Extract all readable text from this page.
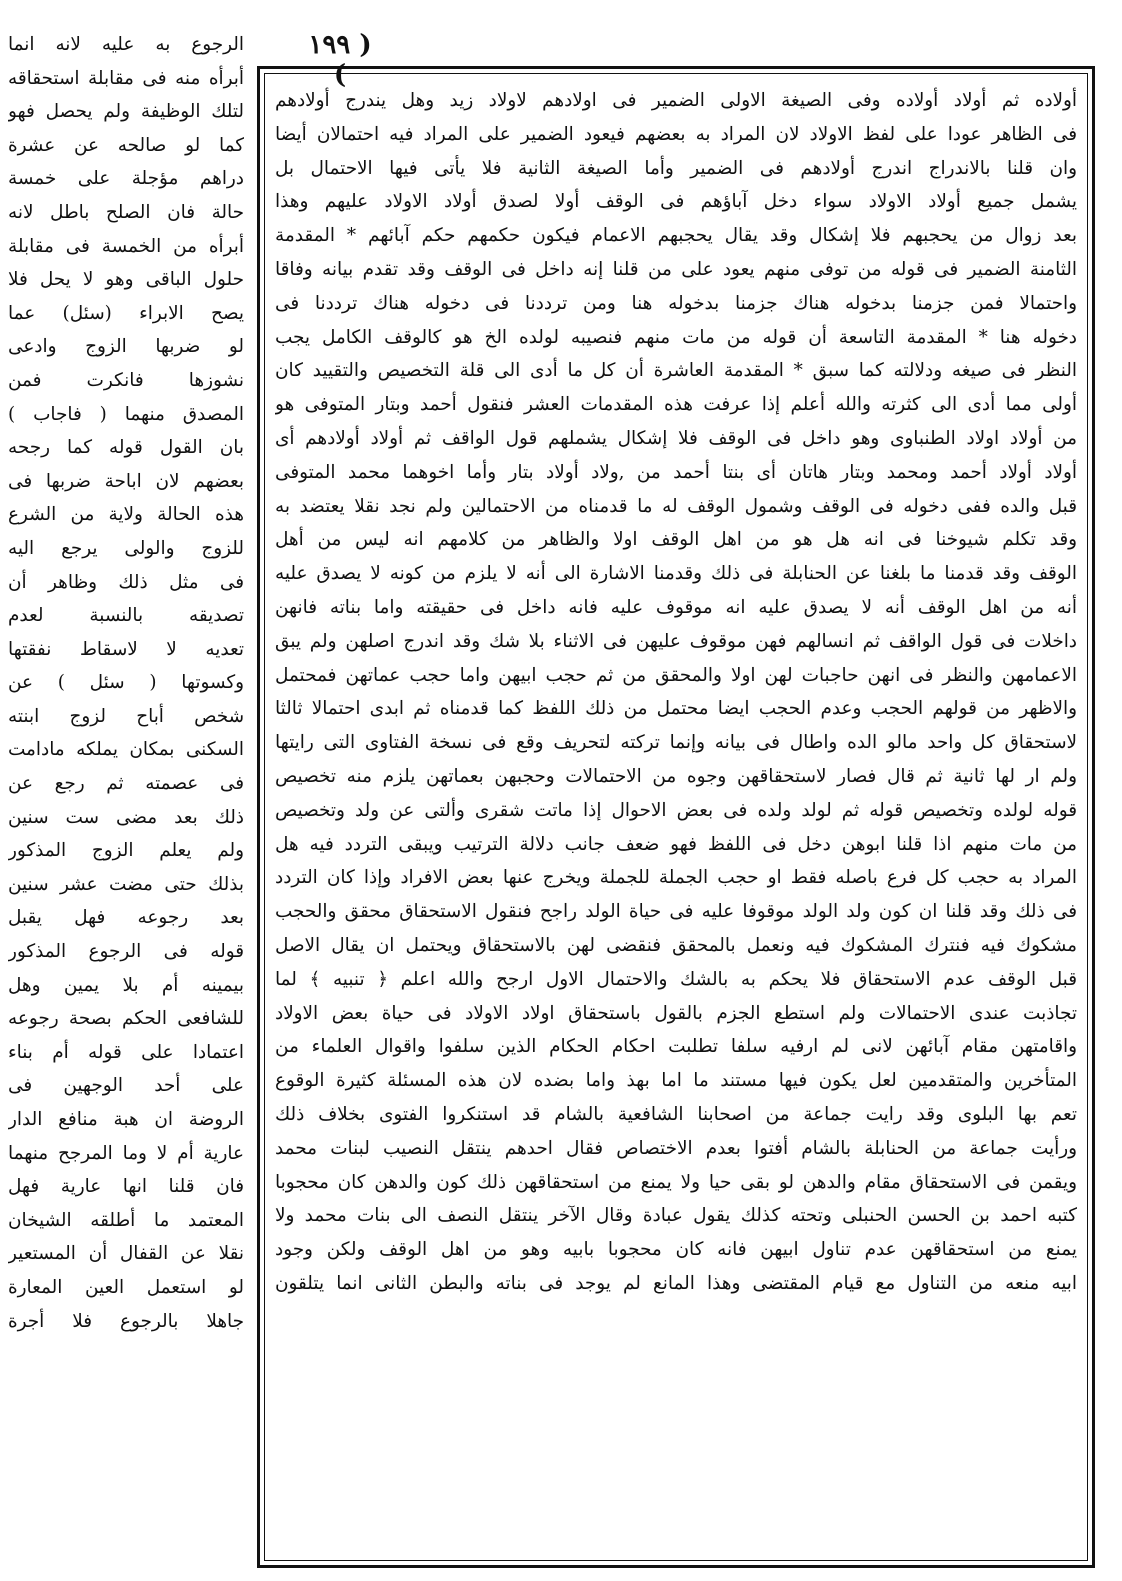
( ١٩٩ )
الرجوع به عليه لانه انما
أبرأه منه فى مقابلة استحقاقه
لتلك الوظيفة ولم يحصل فهو
كما لو صالحه عن عشرة
دراهم مؤجلة على خمسة
حالة فان الصلح باطل لانه
أبرأه من الخمسة فى مقابلة
حلول الباقى وهو لا يحل فلا
يصح الابراء (سئل) عما
لو ضربها الزوج وادعى
نشوزها فانكرت فمن
المصدق منهما ( فاجاب )
بان القول قوله كما رجحه
بعضهم لان اباحة ضربها فى
هذه الحالة ولاية من الشرع
للزوج والولى يرجع اليه
فى مثل ذلك وظاهر أن
تصديقه بالنسبة لعدم
تعديه لا لاسقاط نفقتها
وكسوتها ( سئل ) عن
شخص أباح لزوج ابنته
السكنى بمكان يملكه مادامت
فى عصمته ثم رجع عن
ذلك بعد مضى ست سنين
ولم يعلم الزوج المذكور
بذلك حتى مضت عشر سنين
بعد رجوعه فهل يقبل
قوله فى الرجوع المذكور
بيمينه أم بلا يمين وهل
للشافعى الحكم بصحة رجوعه
اعتمادا على قوله أم بناء
على أحد الوجهين فى
الروضة ان هبة منافع الدار
عارية أم لا وما المرجح منهما
فان قلنا انها عارية فهل
المعتمد ما أطلقه الشيخان
نقلا عن القفال أن المستعير
لو استعمل العين المعارة
جاهلا بالرجوع فلا أجرة
أولاده ثم أولاد أولاده وفى الصيغة الاولى الضمير فى اولادهم لاولاد زيد وهل يندرج أولادهم
فى الظاهر عودا على لفظ الاولاد لان المراد به بعضهم فيعود الضمير على المراد فيه احتمالان أيضا
وان قلنا بالاندراج اندرج أولادهم فى الضمير وأما الصيغة الثانية فلا يأتى فيها الاحتمال بل
يشمل جميع أولاد الاولاد سواء دخل آباؤهم فى الوقف أولا لصدق أولاد الاولاد عليهم وهذا
بعد زوال من يحجبهم فلا إشكال وقد يقال يحجبهم الاعمام فيكون حكمهم حكم آبائهم * المقدمة
الثامنة الضمير فى قوله من توفى منهم يعود على من قلنا إنه داخل فى الوقف وقد تقدم بيانه وفاقا
واحتمالا فمن جزمنا بدخوله هناك جزمنا بدخوله هنا ومن ترددنا فى دخوله هناك ترددنا فى
دخوله هنا * المقدمة التاسعة أن قوله من مات منهم فنصيبه لولده الخ هو كالوقف الكامل يجب
النظر فى صيغه ودلالته كما سبق * المقدمة العاشرة أن كل ما أدى الى قلة التخصيص والتقييد كان
أولى مما أدى الى كثرته والله أعلم إذا عرفت هذه المقدمات العشر فنقول أحمد وبتار المتوفى هو
من أولاد اولاد الطنباوى وهو داخل فى الوقف فلا إشكال يشملهم قول الواقف ثم أولاد أولادهم أى
أولاد أولاد أحمد ومحمد وبتار هاتان أى بنتا أحمد من ,ولاد أولاد بتار وأما اخوهما محمد المتوفى
قبل والده ففى دخوله فى الوقف وشمول الوقف له ما قدمناه من الاحتمالين ولم نجد نقلا يعتضد به
وقد تكلم شيوخنا فى انه هل هو من اهل الوقف اولا والظاهر من كلامهم انه ليس من أهل
الوقف وقد قدمنا ما بلغنا عن الحنابلة فى ذلك وقدمنا الاشارة الى أنه لا يلزم من كونه لا يصدق عليه
أنه من اهل الوقف أنه لا يصدق عليه انه موقوف عليه فانه داخل فى حقيقته واما بناته فانهن
داخلات فى قول الواقف ثم انسالهم فهن موقوف عليهن فى الاثناء بلا شك وقد اندرج اصلهن ولم يبق
الاعمامهن والنظر فى انهن حاجبات لهن اولا والمحقق من ثم حجب ابيهن واما حجب عماتهن فمحتمل
والاظهر من قولهم الحجب وعدم الحجب ايضا محتمل من ذلك اللفظ كما قدمناه ثم ابدى احتمالا ثالثا
لاستحقاق كل واحد مالو الده واطال فى بيانه وإنما تركته لتحريف وقع فى نسخة الفتاوى التى رايتها
ولم ار لها ثانية ثم قال فصار لاستحقاقهن وجوه من الاحتمالات وحجبهن بعماتهن يلزم منه تخصيص
قوله لولده وتخصيص قوله ثم لولد ولده فى بعض الاحوال إذا ماتت شقرى وألتى عن ولد وتخصيص
من مات منهم اذا قلنا ابوهن دخل فى اللفظ فهو ضعف جانب دلالة الترتيب ويبقى التردد فيه هل
المراد به حجب كل فرع باصله فقط او حجب الجملة للجملة ويخرج عنها بعض الافراد وإذا كان التردد
فى ذلك وقد قلنا ان كون ولد الولد موقوفا عليه فى حياة الولد راجح فنقول الاستحقاق محقق والحجب
مشكوك فيه فنترك المشكوك فيه ونعمل بالمحقق فنقضى لهن بالاستحقاق ويحتمل ان يقال الاصل
قبل الوقف عدم الاستحقاق فلا يحكم به بالشك والاحتمال الاول ارجح والله اعلم ﴿ تنبيه ﴾ لما
تجاذبت عندى الاحتمالات ولم استطع الجزم بالقول باستحقاق اولاد الاولاد فى حياة بعض الاولاد
واقامتهن مقام آبائهن لانى لم ارفيه سلفا تطلبت احكام الحكام الذين سلفوا واقوال العلماء من
المتأخرين والمتقدمين لعل يكون فيها مستند ما اما بهذ واما بضده لان هذه المسئلة كثيرة الوقوع
تعم بها البلوى وقد رايت جماعة من اصحابنا الشافعية بالشام قد استنكروا الفتوى بخلاف ذلك
ورأيت جماعة من الحنابلة بالشام أفتوا بعدم الاختصاص فقال احدهم ينتقل النصيب لبنات محمد
ويقمن فى الاستحقاق مقام والدهن لو بقى حيا ولا يمنع من استحقاقهن ذلك كون والدهن كان محجوبا
كتبه احمد بن الحسن الحنبلى وتحته كذلك يقول عبادة وقال الآخر ينتقل النصف الى بنات محمد ولا
يمنع من استحقاقهن عدم تناول ابيهن فانه كان محجوبا بابيه وهو من اهل الوقف ولكن وجود
ابيه منعه من التناول مع قيام المقتضى وهذا المانع لم يوجد فى بناته والبطن الثانى انما يتلقون
